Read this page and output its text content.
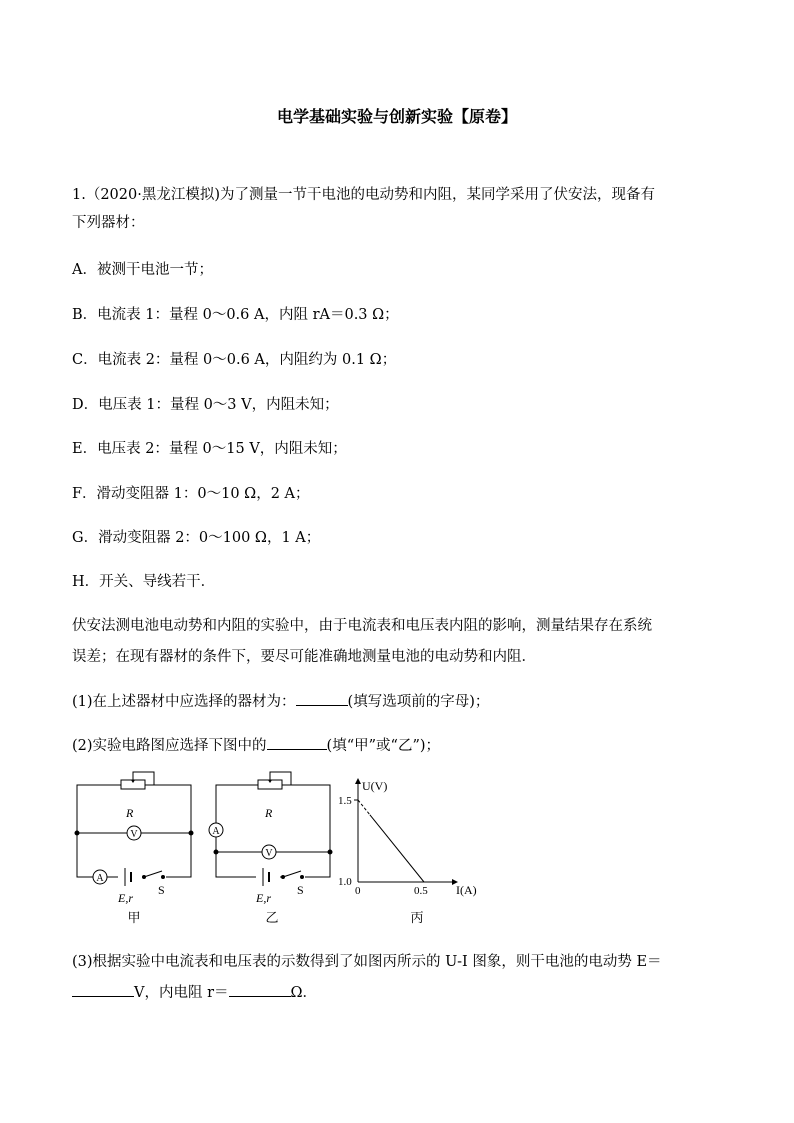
电学基础实验与创新实验【原卷】
1.（2020·黑龙江模拟)为了测量一节干电池的电动势和内阻，某同学采用了伏安法，现备有
下列器材：
A．被测干电池一节；
B．电流表 1：量程 0～0.6 A，内阻 rA＝0.3 Ω；
C．电流表 2：量程 0～0.6 A，内阻约为 0.1 Ω；
D．电压表 1：量程 0～3 V，内阻未知；
E．电压表 2：量程 0～15 V，内阻未知；
F．滑动变阻器 1：0～10 Ω，2 A；
G．滑动变阻器 2：0～100 Ω，1 A；
H．开关、导线若干．
伏安法测电池电动势和内阻的实验中，由于电流表和电压表内阻的影响，测量结果存在系统
误差；在现有器材的条件下，要尽可能准确地测量电池的电动势和内阻．
(1)在上述器材中应选择的器材为：	(填写选项前的字母)；
(2)实验电路图应选择下图中的	(填“甲”或“乙”)；
R
V
A
E,r
S
甲
R
V
A
E,r
S
乙
U(V)
1.5
1.0
0	0.5 I(A)
丙
(3)根据实验中电流表和电压表的示数得到了如图丙所示的 U-I 图象，则干电池的电动势 E＝
V，内电阻 r＝	Ω．
